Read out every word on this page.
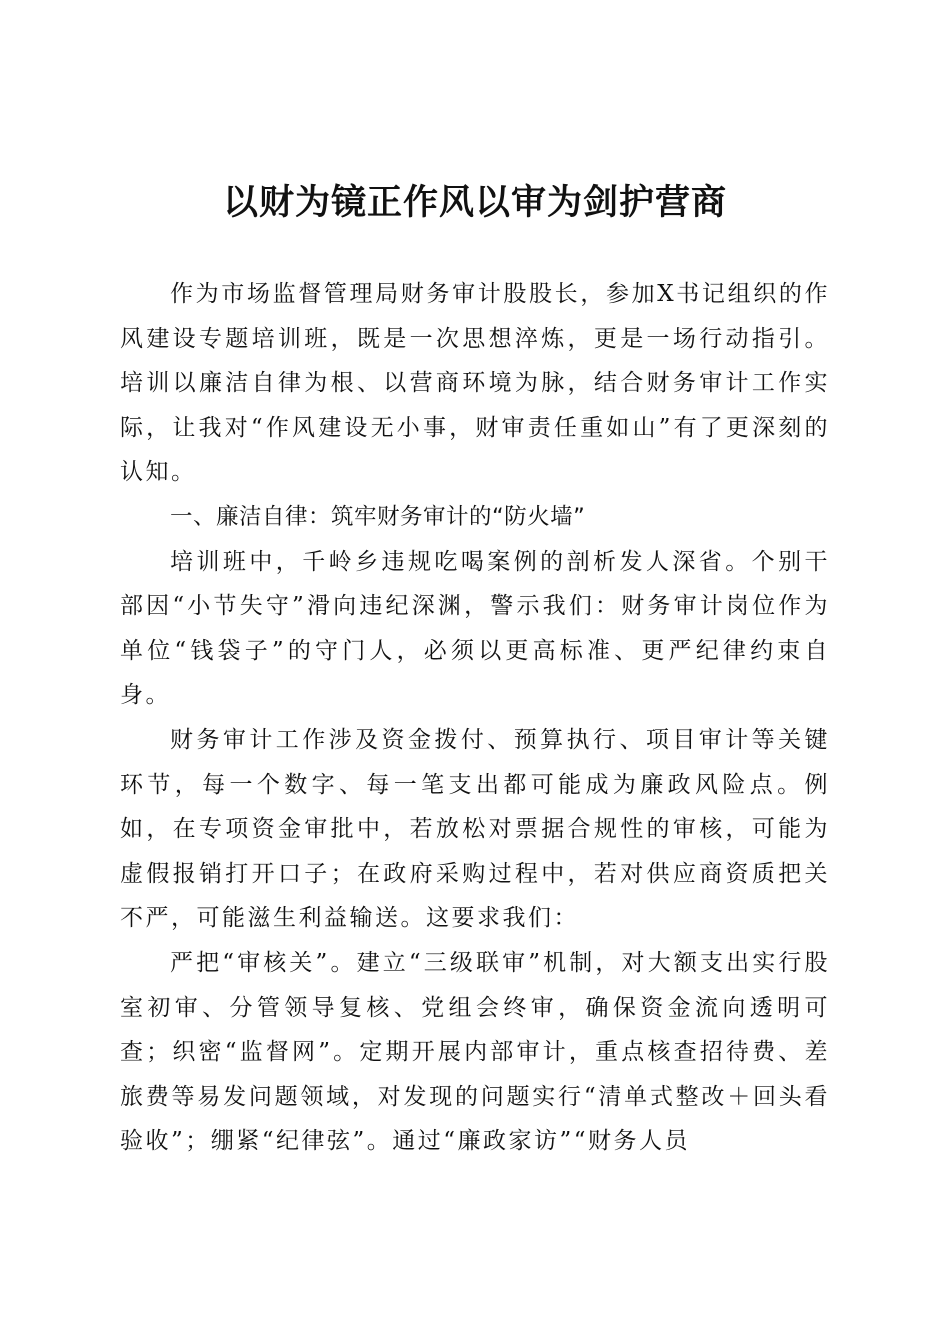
以财为镜正作风以审为剑护营商

作为市场监督管理局财务审计股股长，参加X书记组织的作风建设专题培训班，既是一次思想淬炼，更是一场行动指引。培训以廉洁自律为根、以营商环境为脉，结合财务审计工作实际，让我对“作风建设无小事，财审责任重如山”有了更深刻的认知。

一、廉洁自律：筑牢财务审计的“防火墙”

培训班中，千岭乡违规吃喝案例的剖析发人深省。个别干部因“小节失守”滑向违纪深渊，警示我们：财务审计岗位作为单位“钱袋子”的守门人，必须以更高标准、更严纪律约束自身。

财务审计工作涉及资金拨付、预算执行、项目审计等关键环节，每一个数字、每一笔支出都可能成为廉政风险点。例如，在专项资金审批中，若放松对票据合规性的审核，可能为虚假报销打开口子；在政府采购过程中，若对供应商资质把关不严，可能滋生利益输送。这要求我们：

严把“审核关”。建立“三级联审”机制，对大额支出实行股室初审、分管领导复核、党组会终审，确保资金流向透明可查；织密“监督网”。定期开展内部审计，重点核查招待费、差旅费等易发问题领域，对发现的问题实行“清单式整改＋回头看验收”；绷紧“纪律弦”。通过“廉政家访”“财务人员
